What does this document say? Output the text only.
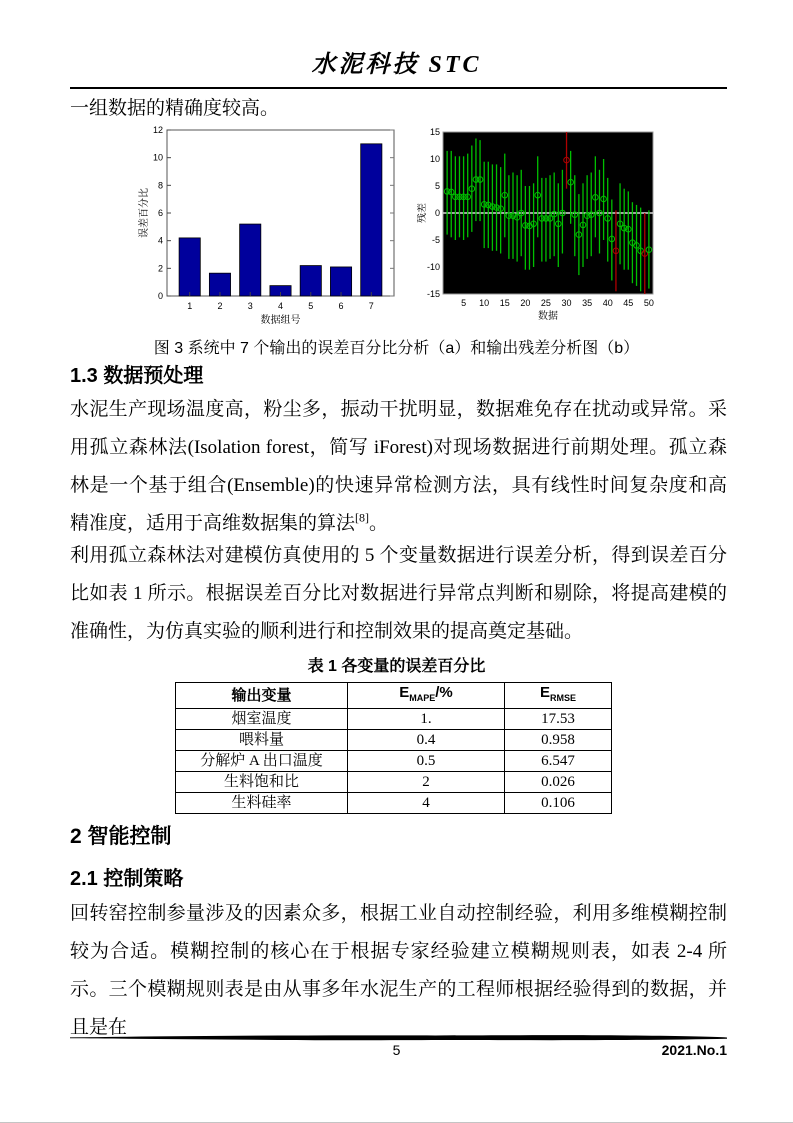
水泥科技 STC
一组数据的精确度较高。
0
2
4
6
8
10
12
1	2	3	4	5	6	7
数据组号
误差百分比
-15
-10
-5
0
5
10
15
5 10 15 20 25 30 35 40 45 50
数据
残差
图 3 系统中 7 个输出的误差百分比分析（a）和输出残差分析图（b）
1.3 数据预处理
水泥生产现场温度高，粉尘多，振动干扰明显，数据难免存在扰动或异常。采用孤立森林法(Isolation forest，简写 iForest)对现场数据进行前期处理。孤立森林是一个基于组合(Ensemble)的快速异常检测方法，具有线性时间复杂度和高精准度，适用于高维数据集的算法[8]。
利用孤立森林法对建模仿真使用的 5 个变量数据进行误差分析，得到误差百分比如表 1 所示。根据误差百分比对数据进行异常点判断和剔除，将提高建模的准确性，为仿真实验的顺利进行和控制效果的提高奠定基础。
表 1 各变量的误差百分比
输出变量	$E_{MAPE}/\%$	$E_{RMSE}$
烟室温度	1.	17.53
喂料量	0.4	0.958
分解炉 A 出口温度	0.5	6.547
生料饱和比	2	0.026
生料硅率	4	0.106
2 智能控制
2.1 控制策略
回转窑控制参量涉及的因素众多，根据工业自动控制经验，利用多维模糊控制较为合适。模糊控制的核心在于根据专家经验建立模糊规则表，如表 2-4 所示。三个模糊规则表是由从事多年水泥生产的工程师根据经验得到的数据，并且是在
5	2021.No.1
